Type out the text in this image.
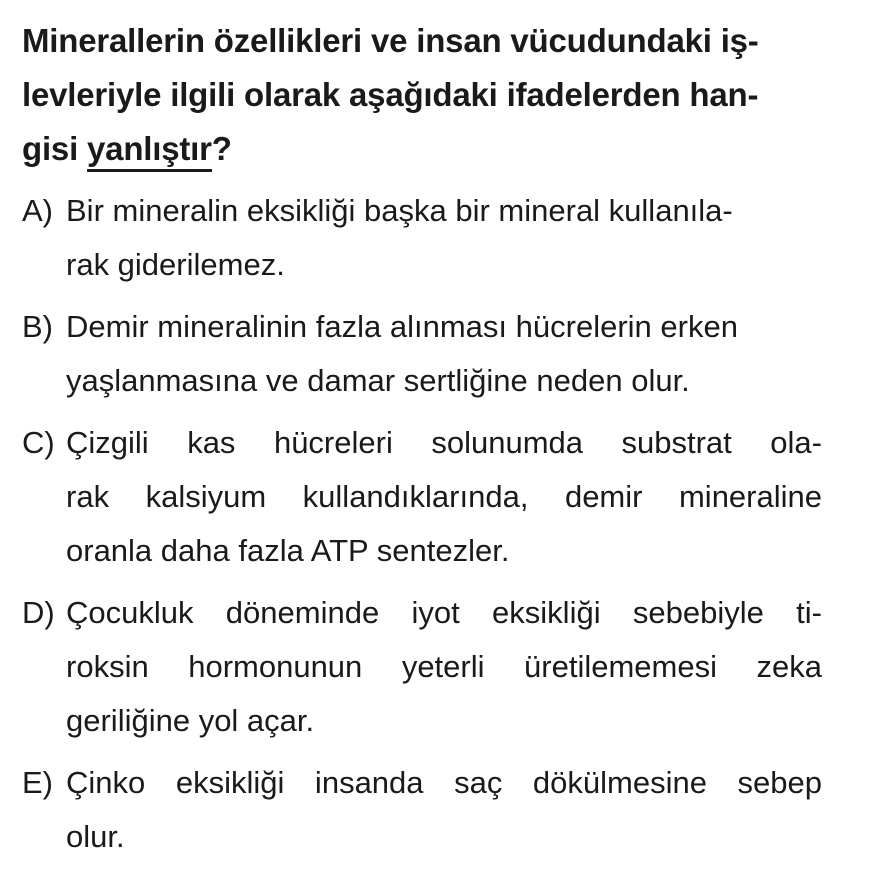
Minerallerin özellikleri ve insan vücudundaki iş-
levleriyle ilgili olarak aşağıdaki ifadelerden han-
gisi yanlıştır?
A) Bir mineralin eksikliği başka bir mineral kullanıla-
rak giderilemez.
B) Demir mineralinin fazla alınması hücrelerin erken
yaşlanmasına ve damar sertliğine neden olur.
C) Çizgili kas hücreleri solunumda substrat ola-
rak kalsiyum kullandıklarında, demir mineraline
oranla daha fazla ATP sentezler.
D) Çocukluk döneminde iyot eksikliği sebebiyle ti-
roksin hormonunun yeterli üretilememesi zeka
geriliğine yol açar.
E) Çinko eksikliği insanda saç dökülmesine sebep
olur.
